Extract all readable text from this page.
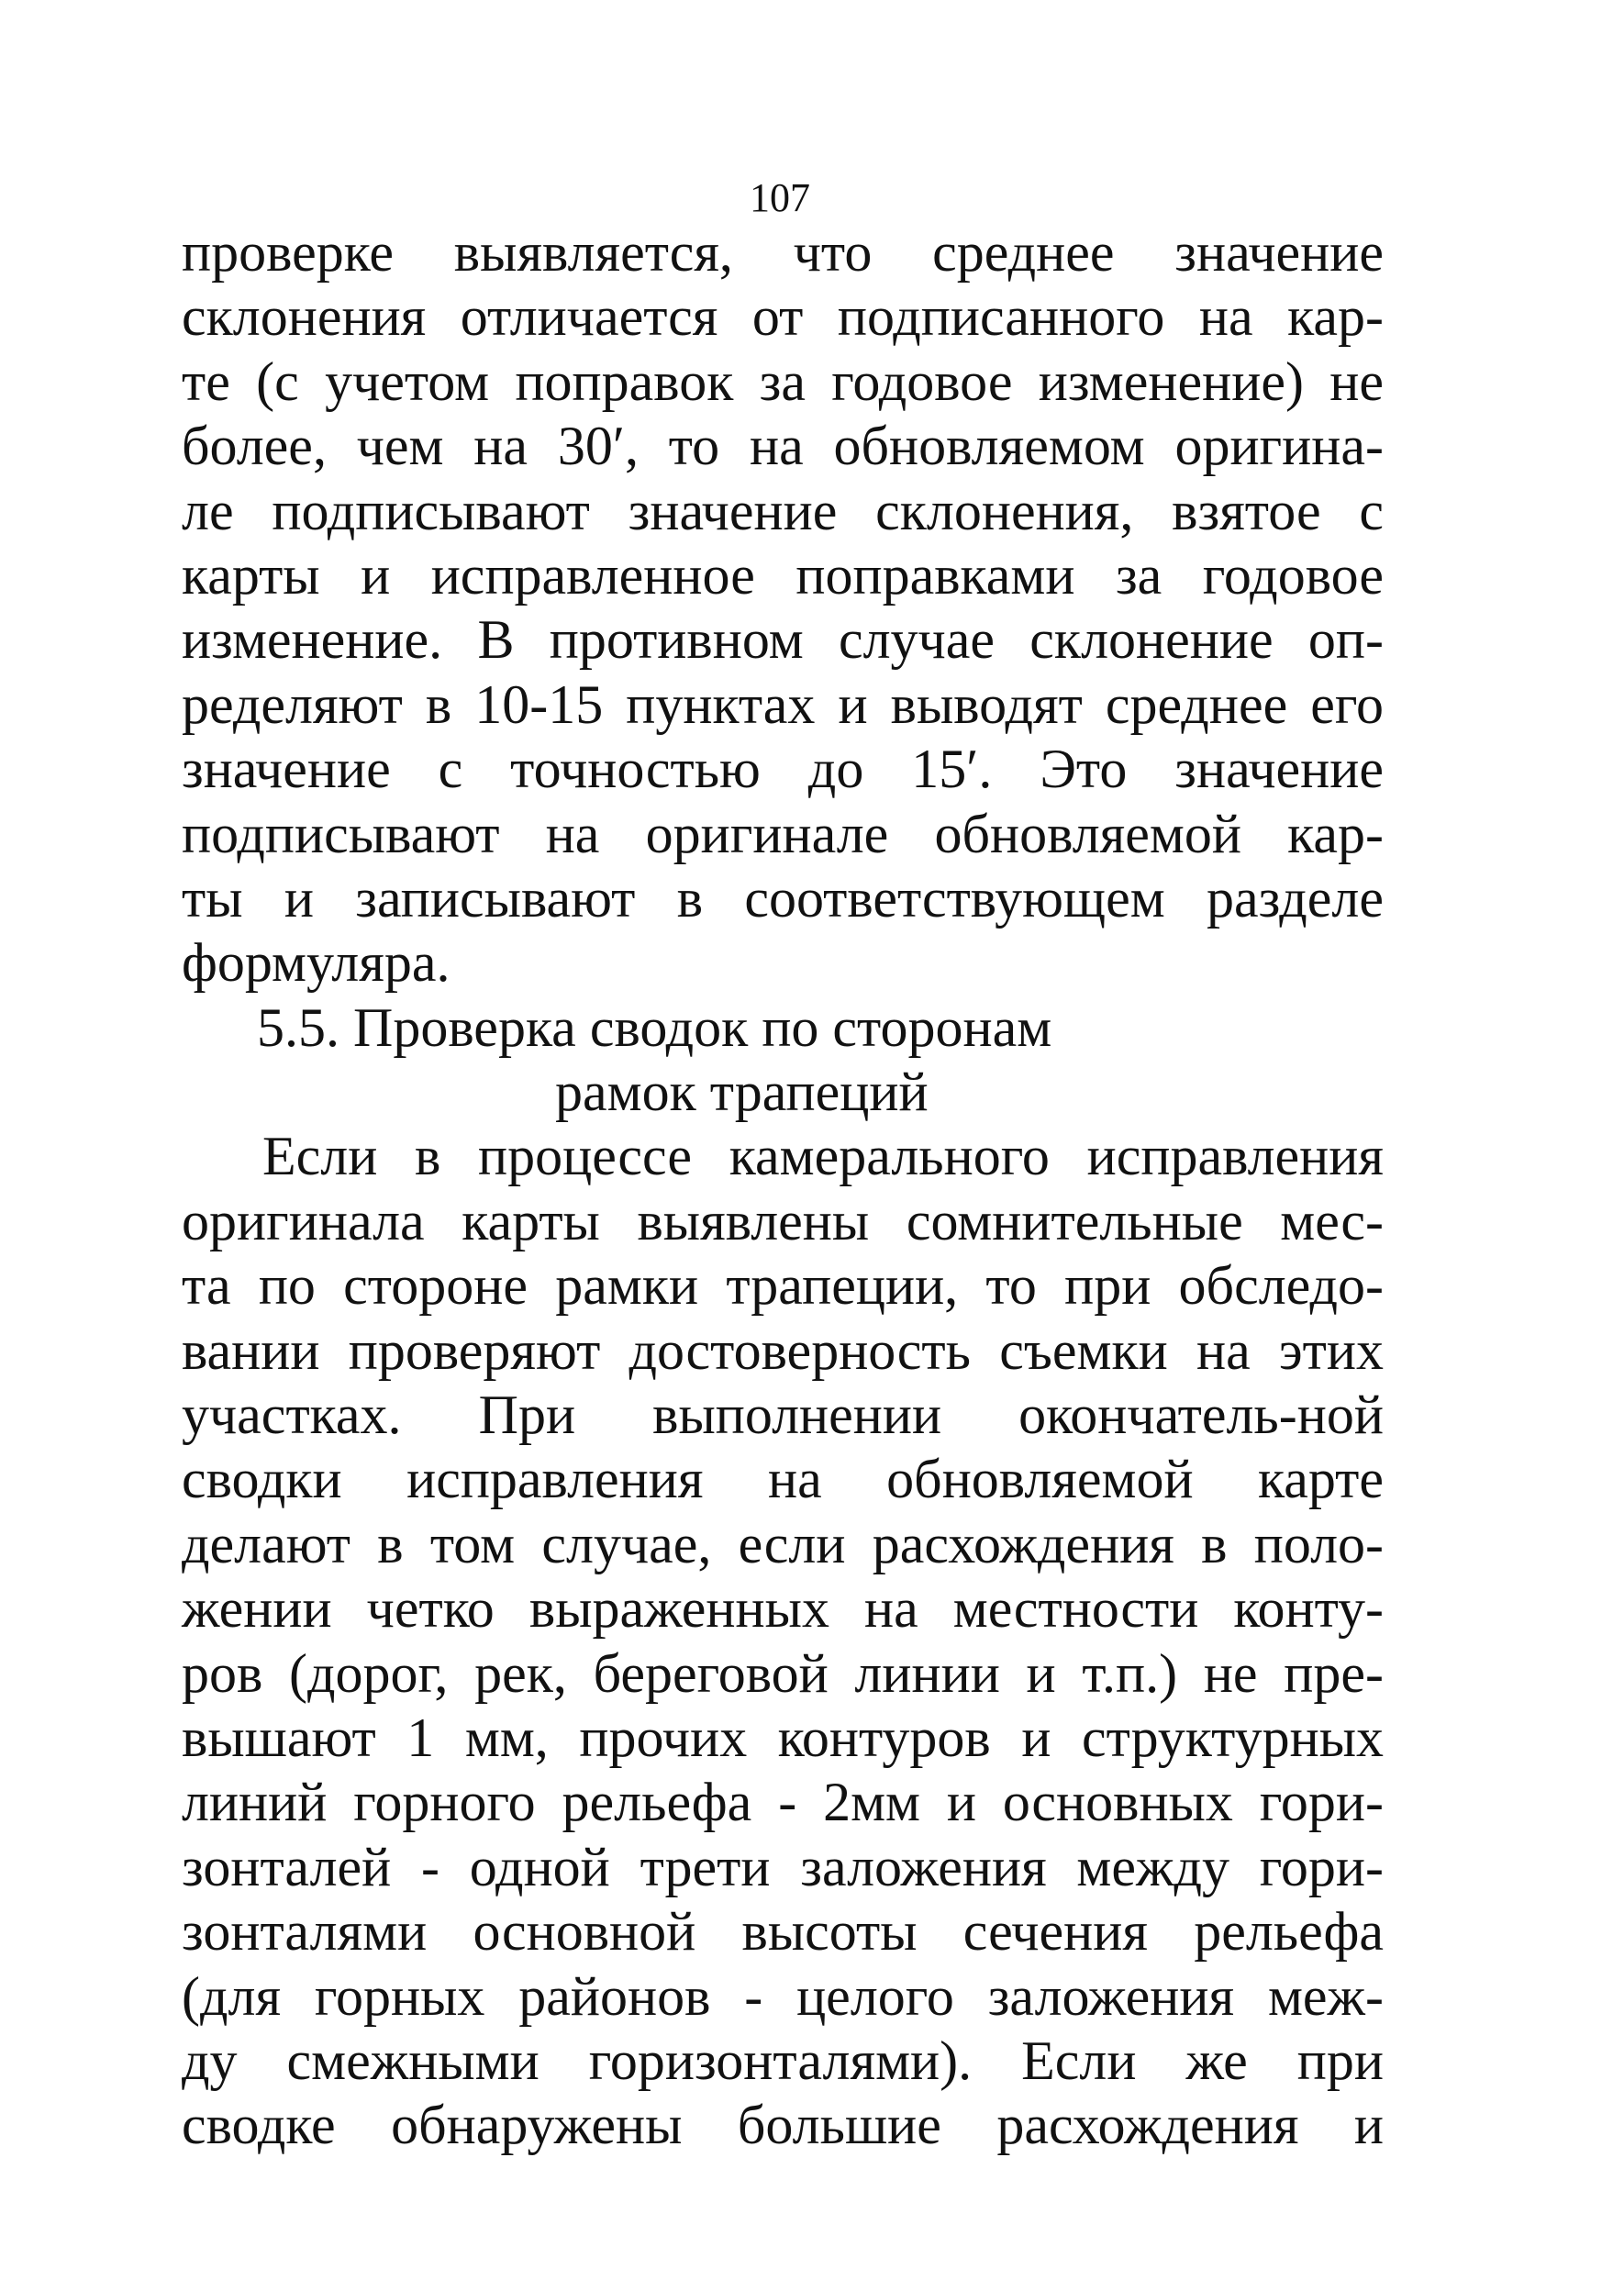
107
проверке выявляется, что среднее значение
склонения отличается от подписанного на кар-
те (с учетом поправок за годовое изменение) не
более, чем на 30′, то на обновляемом оригина-
ле подписывают значение склонения, взятое с
карты и исправленное поправками за годовое
изменение. В противном случае склонение оп-
ределяют в 10-15 пунктах и выводят среднее его
значение с точностью до 15′. Это значение
подписывают на оригинале обновляемой кар-
ты и записывают в соответствующем разделе
формуляра.
5.5. Проверка сводок по сторонам
рамок трапеций
Если в процессе камерального исправления
оригинала карты выявлены сомнительные мес-
та по стороне рамки трапеции, то при обследо-
вании проверяют достоверность съемки на этих
участках. При выполнении окончатель-ной
сводки исправления на обновляемой карте
делают в том случае, если расхождения в поло-
жении четко выраженных на местности конту-
ров (дорог, рек, береговой линии и т.п.) не пре-
вышают 1 мм, прочих контуров и структурных
линий горного рельефа - 2мм и основных гори-
зонталей - одной трети заложения между гори-
зонталями основной высоты сечения рельефа
(для горных районов - целого заложения меж-
ду смежными горизонталями). Если же при
сводке обнаружены большие расхождения и
